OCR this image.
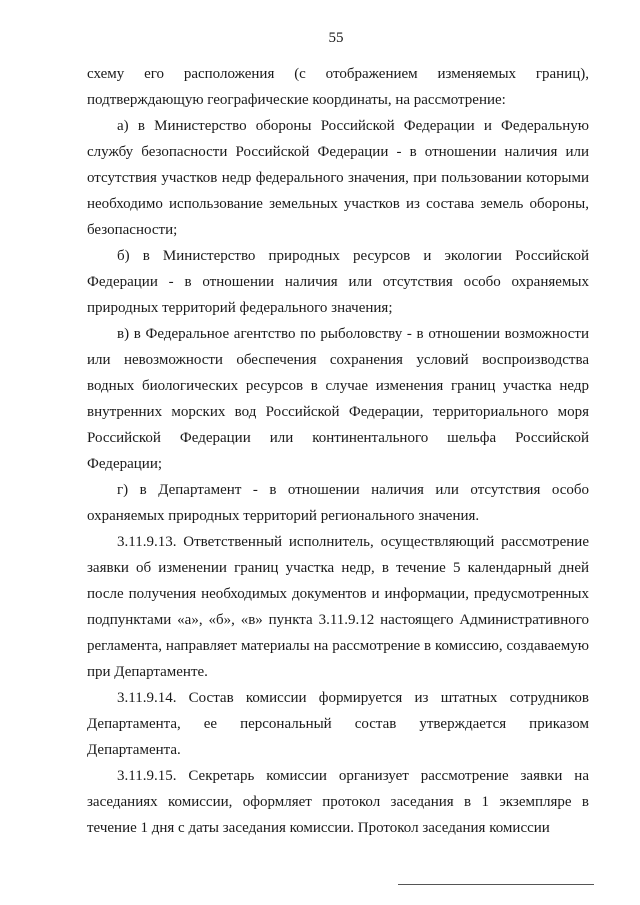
55

схему его расположения (с отображением изменяемых границ), подтверждающую географические координаты, на рассмотрение:

а) в Министерство обороны Российской Федерации и Федеральную службу безопасности Российской Федерации - в отношении наличия или отсутствия участков недр федерального значения, при пользовании которыми необходимо использование земельных участков из состава земель обороны, безопасности;

б) в Министерство природных ресурсов и экологии Российской Федерации - в отношении наличия или отсутствия особо охраняемых природных территорий федерального значения;

в) в Федеральное агентство по рыболовству - в отношении возможности или невозможности обеспечения сохранения условий воспроизводства водных биологических ресурсов в случае изменения границ участка недр внутренних морских вод Российской Федерации, территориального моря Российской Федерации или континентального шельфа Российской Федерации;

г) в Департамент - в отношении наличия или отсутствия особо охраняемых природных территорий регионального значения.

3.11.9.13. Ответственный исполнитель, осуществляющий рассмотрение заявки об изменении границ участка недр, в течение 5 календарный дней после получения необходимых документов и информации, предусмотренных подпунктами «а», «б», «в» пункта 3.11.9.12 настоящего Административного регламента, направляет материалы на рассмотрение в комиссию, создаваемую при Департаменте.

3.11.9.14. Состав комиссии формируется из штатных сотрудников Департамента, ее персональный состав утверждается приказом Департамента.

3.11.9.15. Секретарь комиссии организует рассмотрение заявки на заседаниях комиссии, оформляет протокол заседания в 1 экземпляре в течение 1 дня с даты заседания комиссии. Протокол заседания комиссии
